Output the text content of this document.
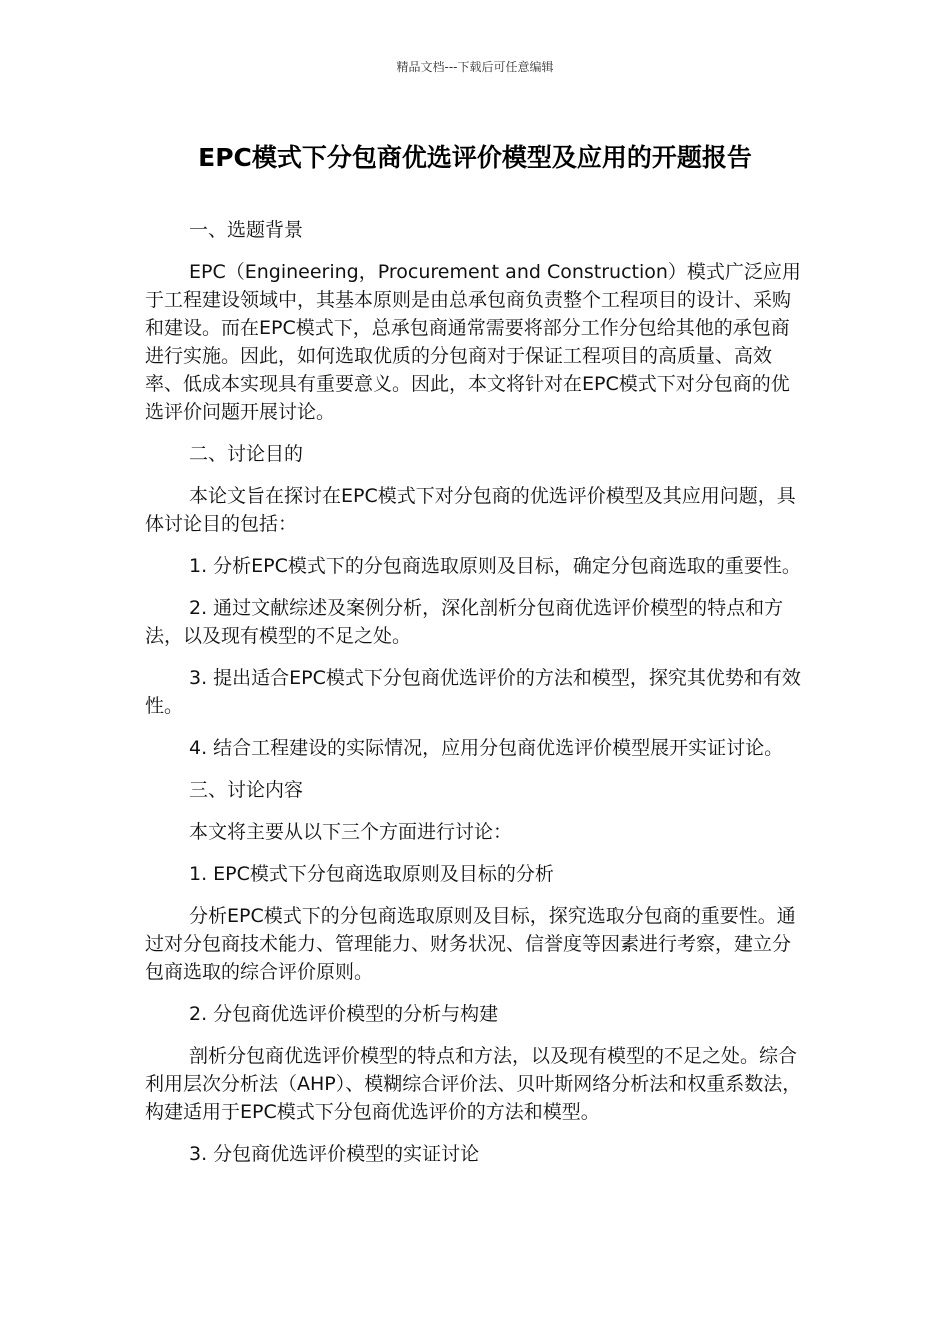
精品文档---下载后可任意编辑
EPC模式下分包商优选评价模型及应用的开题报告

一、选题背景

EPC（Engineering，Procurement and Construction）模式广泛应用于工程建设领域中，其基本原则是由总承包商负责整个工程项目的设计、采购和建设。而在EPC模式下，总承包商通常需要将部分工作分包给其他的承包商进行实施。因此，如何选取优质的分包商对于保证工程项目的高质量、高效率、低成本实现具有重要意义。因此，本文将针对在EPC模式下对分包商的优选评价问题开展讨论。

二、讨论目的

本论文旨在探讨在EPC模式下对分包商的优选评价模型及其应用问题，具体讨论目的包括：

1. 分析EPC模式下的分包商选取原则及目标，确定分包商选取的重要性。

2. 通过文献综述及案例分析，深化剖析分包商优选评价模型的特点和方法，以及现有模型的不足之处。

3. 提出适合EPC模式下分包商优选评价的方法和模型，探究其优势和有效性。

4. 结合工程建设的实际情况，应用分包商优选评价模型展开实证讨论。

三、讨论内容

本文将主要从以下三个方面进行讨论：

1. EPC模式下分包商选取原则及目标的分析

分析EPC模式下的分包商选取原则及目标，探究选取分包商的重要性。通过对分包商技术能力、管理能力、财务状况、信誉度等因素进行考察，建立分包商选取的综合评价原则。

2. 分包商优选评价模型的分析与构建

剖析分包商优选评价模型的特点和方法，以及现有模型的不足之处。综合利用层次分析法（AHP）、模糊综合评价法、贝叶斯网络分析法和权重系数法，构建适用于EPC模式下分包商优选评价的方法和模型。

3. 分包商优选评价模型的实证讨论
